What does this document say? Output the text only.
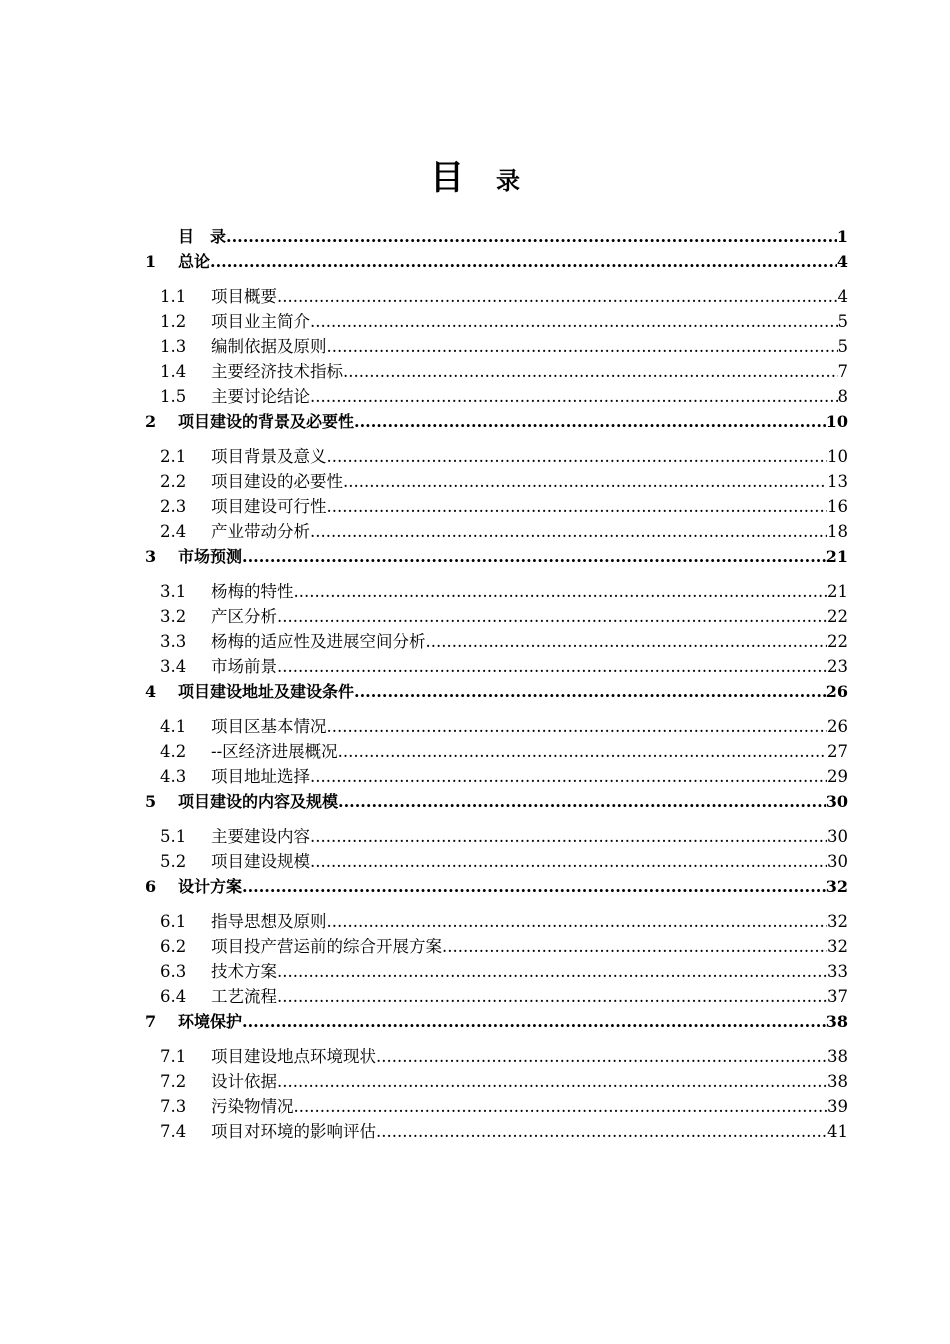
目 录
目　录 .....	1
1	总论 .....	4
1.1	项目概要 .....	4
1.2	项目业主简介 .....	5
1.3	编制依据及原则 .....	5
1.4	主要经济技术指标 .....	7
1.5	主要讨论结论 .....	8
2	项目建设的背景及必要性 .....	10
2.1	项目背景及意义 .....	10
2.2	项目建设的必要性 .....	13
2.3	项目建设可行性 .....	16
2.4	产业带动分析 .....	18
3	市场预测 .....	21
3.1	杨梅的特性 .....	21
3.2	产区分析 .....	22
3.3	杨梅的适应性及进展空间分析 .....	22
3.4	市场前景 .....	23
4	项目建设地址及建设条件 .....	26
4.1	项目区基本情况 .....	26
4.2	--区经济进展概况 .....	27
4.3	项目地址选择 .....	29
5	项目建设的内容及规模 .....	30
5.1	主要建设内容 .....	30
5.2	项目建设规模 .....	30
6	设计方案 .....	32
6.1	指导思想及原则 .....	32
6.2	项目投产营运前的综合开展方案 .....	32
6.3	技术方案 .....	33
6.4	工艺流程 .....	37
7	环境保护 .....	38
7.1	项目建设地点环境现状 .....	38
7.2	设计依据 .....	38
7.3	污染物情况 .....	39
7.4	项目对环境的影响评估 .....	41
